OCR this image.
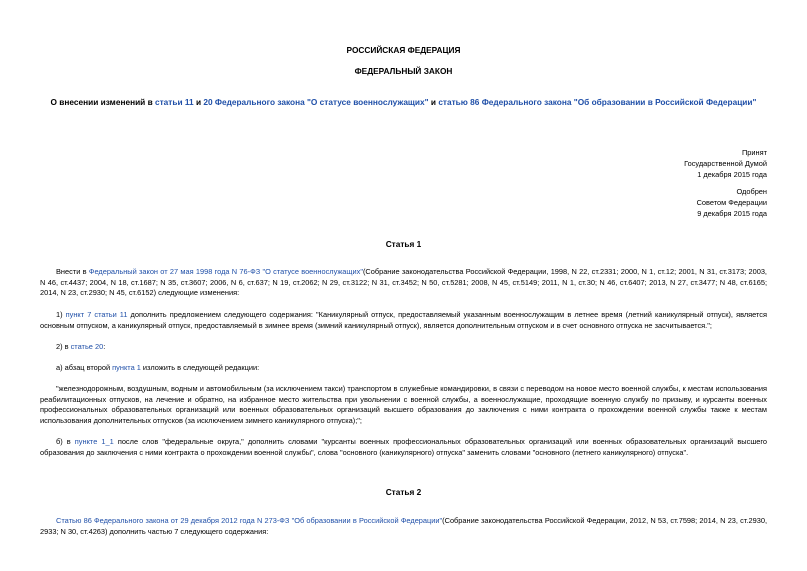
РОССИЙСКАЯ ФЕДЕРАЦИЯ
ФЕДЕРАЛЬНЫЙ ЗАКОН
О внесении изменений в статьи 11 и 20 Федерального закона "О статусе военнослужащих" и статью 86 Федерального закона "Об образовании в Российской Федерации"
Принят
Государственной Думой
1 декабря 2015 года
Одобрен
Советом Федерации
9 декабря 2015 года
Статья 1
Внести в Федеральный закон от 27 мая 1998 года N 76-ФЗ "О статусе военнослужащих"(Собрание законодательства Российской Федерации, 1998, N 22, ст.2331; 2000, N 1, ст.12; 2001, N 31, ст.3173; 2003, N 46, ст.4437; 2004, N 18, ст.1687; N 35, ст.3607; 2006, N 6, ст.637; N 19, ст.2062; N 29, ст.3122; N 31, ст.3452; N 50, ст.5281; 2008, N 45, ст.5149; 2011, N 1, ст.30; N 46, ст.6407; 2013, N 27, ст.3477; N 48, ст.6165; 2014, N 23, ст.2930; N 45, ст.6152) следующие изменения:
1) пункт 7 статьи 11 дополнить предложением следующего содержания: "Каникулярный отпуск, предоставляемый указанным военнослужащим в летнее время (летний каникулярный отпуск), является основным отпуском, а каникулярный отпуск, предоставляемый в зимнее время (зимний каникулярный отпуск), является дополнительным отпуском и в счет основного отпуска не засчитывается.";
2) в статье 20:
а) абзац второй пункта 1 изложить в следующей редакции:
"железнодорожным, воздушным, водным и автомобильным (за исключением такси) транспортом в служебные командировки, в связи с переводом на новое место военной службы, к местам использования реабилитационных отпусков, на лечение и обратно, на избранное место жительства при увольнении с военной службы, а военнослужащие, проходящие военную службу по призыву, и курсанты военных профессиональных образовательных организаций или военных образовательных организаций высшего образования до заключения с ними контракта о прохождении военной службы также к местам использования дополнительных отпусков (за исключением зимнего каникулярного отпуска);";
б) в пункте 1_1 после слов "федеральные округа," дополнить словами "курсанты военных профессиональных образовательных организаций или военных образовательных организаций высшего образования до заключения с ними контракта о прохождении военной службы", слова "основного (каникулярного) отпуска" заменить словами "основного (летнего каникулярного) отпуска".
Статья 2
Статью 86 Федерального закона от 29 декабря 2012 года N 273-ФЗ "Об образовании в Российской Федерации"(Собрание законодательства Российской Федерации, 2012, N 53, ст.7598; 2014, N 23, ст.2930, 2933; N 30, ст.4263) дополнить частью 7 следующего содержания:
